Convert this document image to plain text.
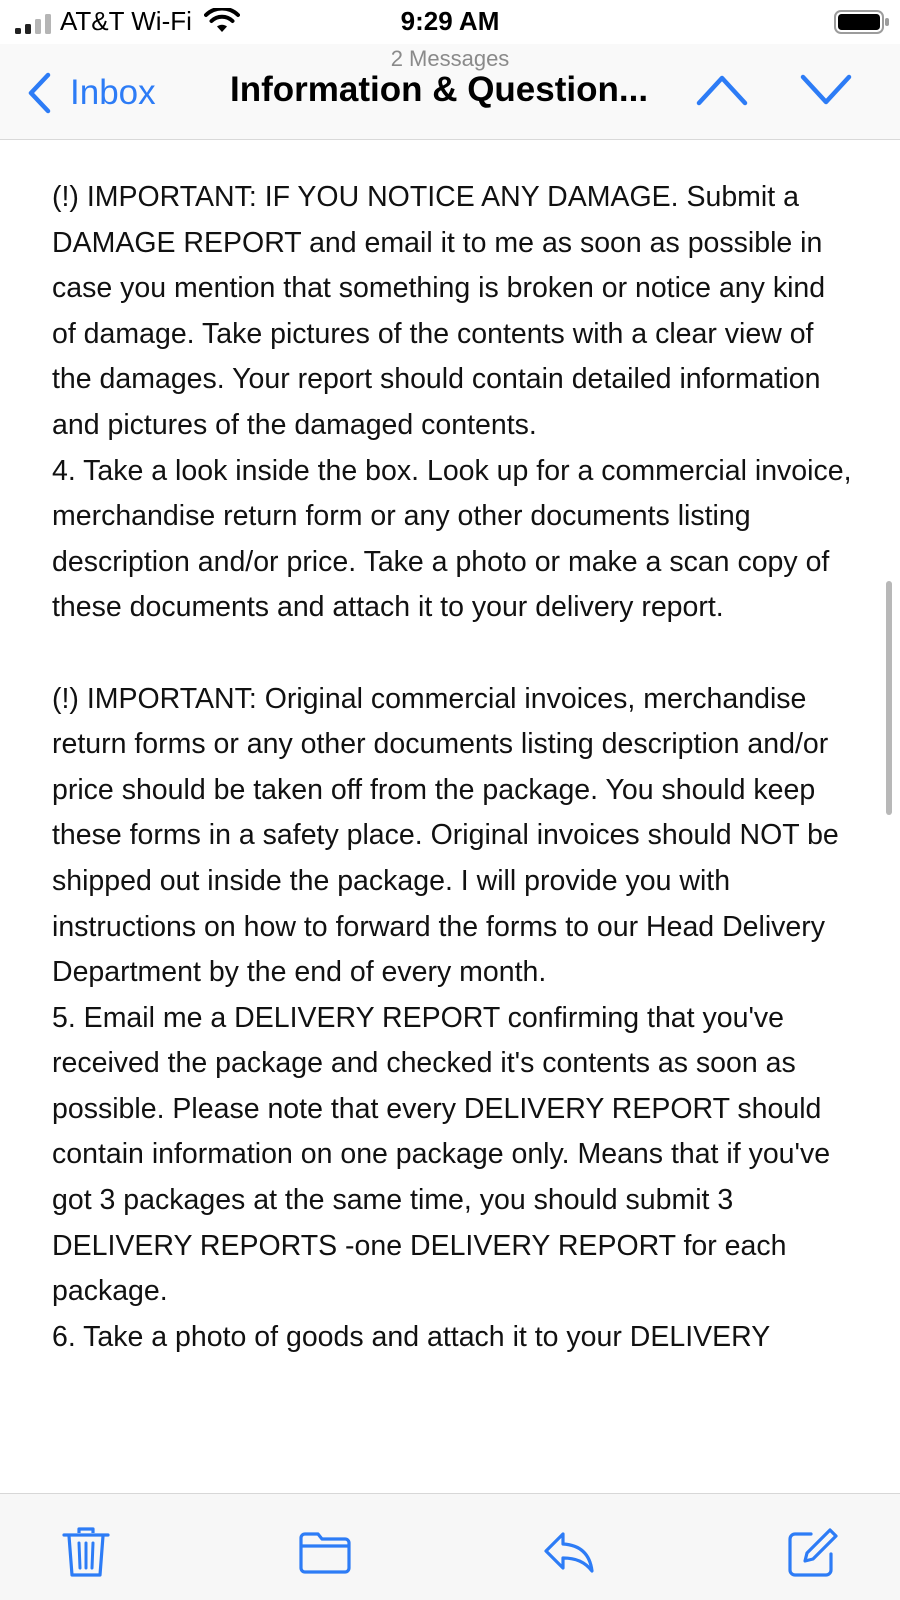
AT&T Wi-Fi	9:29 AM
2 Messages
Inbox Information & Question...

(!) IMPORTANT: IF YOU NOTICE ANY DAMAGE. Submit a DAMAGE REPORT and email it to me as soon as possible in case you mention that something is broken or notice any kind of damage. Take pictures of the contents with a clear view of the damages. Your report should contain detailed information and pictures of the damaged contents.

4. Take a look inside the box. Look up for a commercial invoice, merchandise return form or any other documents listing description and/or price. Take a photo or make a scan copy of these documents and attach it to your delivery report.

(!) IMPORTANT: Original commercial invoices, merchandise return forms or any other documents listing description and/or price should be taken off from the package. You should keep these forms in a safety place. Original invoices should NOT be shipped out inside the package. I will provide you with instructions on how to forward the forms to our Head Delivery Department by the end of every month.

5. Email me a DELIVERY REPORT confirming that you've received the package and checked it's contents as soon as possible. Please note that every DELIVERY REPORT should contain information on one package only. Means that if you've got 3 packages at the same time, you should submit 3 DELIVERY REPORTS -one DELIVERY REPORT for each package.

6. Take a photo of goods and attach it to your DELIVERY
